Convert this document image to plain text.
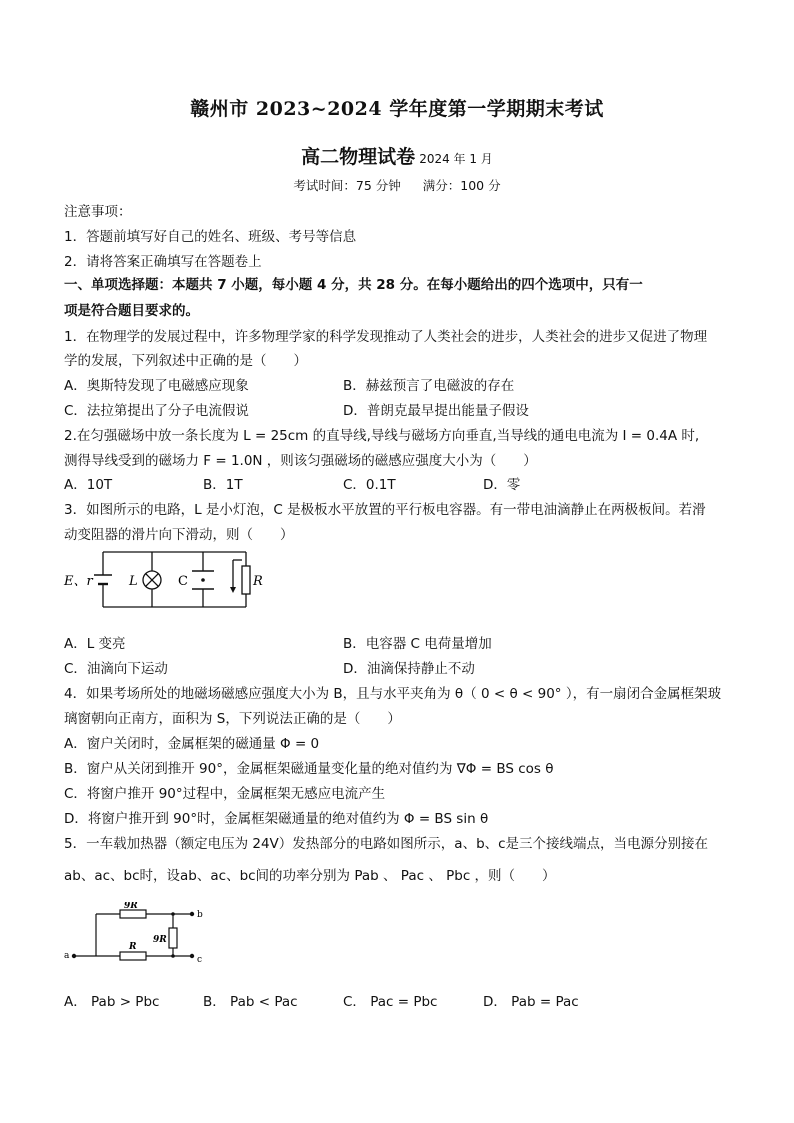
赣州市 2023~2024 学年度第一学期期末考试
高二物理试卷 2024 年 1 月
考试时间：75 分钟 满分：100 分
注意事项：
1．答题前填写好自己的姓名、班级、考号等信息
2．请将答案正确填写在答题卷上
一、单项选择题：本题共 7 小题，每小题 4 分，共 28 分。在每小题给出的四个选项中，只有一
项是符合题目要求的。
1．在物理学的发展过程中，许多物理学家的科学发现推动了人类社会的进步，人类社会的进步又促进了物理
学的发展，下列叙述中正确的是（　　）
A．奥斯特发现了电磁感应现象	B．赫兹预言了电磁波的存在
C．法拉第提出了分子电流假说	D．普朗克最早提出能量子假设
2.在匀强磁场中放一条长度为 L = 25cm 的直导线,导线与磁场方向垂直,当导线的通电电流为 I = 0.4A 时,
测得导线受到的磁场力 F = 1.0N ，则该匀强磁场的磁感应强度大小为（　　）
A．10T	B．1T	C．0.1T	D．零
3．如图所示的电路，L 是小灯泡，C 是极板水平放置的平行板电容器。有一带电油滴静止在两极板间。若滑
动变阻器的滑片向下滑动，则（　　）
E、r	L	C	R
A．L 变亮	B．电容器 C 电荷量增加
C．油滴向下运动	D．油滴保持静止不动
4．如果考场所处的地磁场磁感应强度大小为 B，且与水平夹角为 θ（ 0 < θ < 90° ），有一扇闭合金属框架玻
璃窗朝向正南方，面积为 S，下列说法正确的是（　　）
A．窗户关闭时，金属框架的磁通量 Φ = 0
B．窗户从关闭到推开 90°，金属框架磁通量变化量的绝对值约为 ∇Φ = BS cos θ
C．将窗户推开 90°过程中，金属框架无感应电流产生
D．将窗户推开到 90°时，金属框架磁通量的绝对值约为 Φ = BS sin θ
5．一车载加热器（额定电压为 24V）发热部分的电路如图所示，a、b、c是三个接线端点，当电源分别接在
ab、ac、bc时，设ab、ac、bc间的功率分别为 Pab 、 Pac 、 Pbc ，则（　　）
9R
9R
R
a
b
c
A． Pab > Pbc	B． Pab < Pac	C． Pac = Pbc	D． Pab = Pac
